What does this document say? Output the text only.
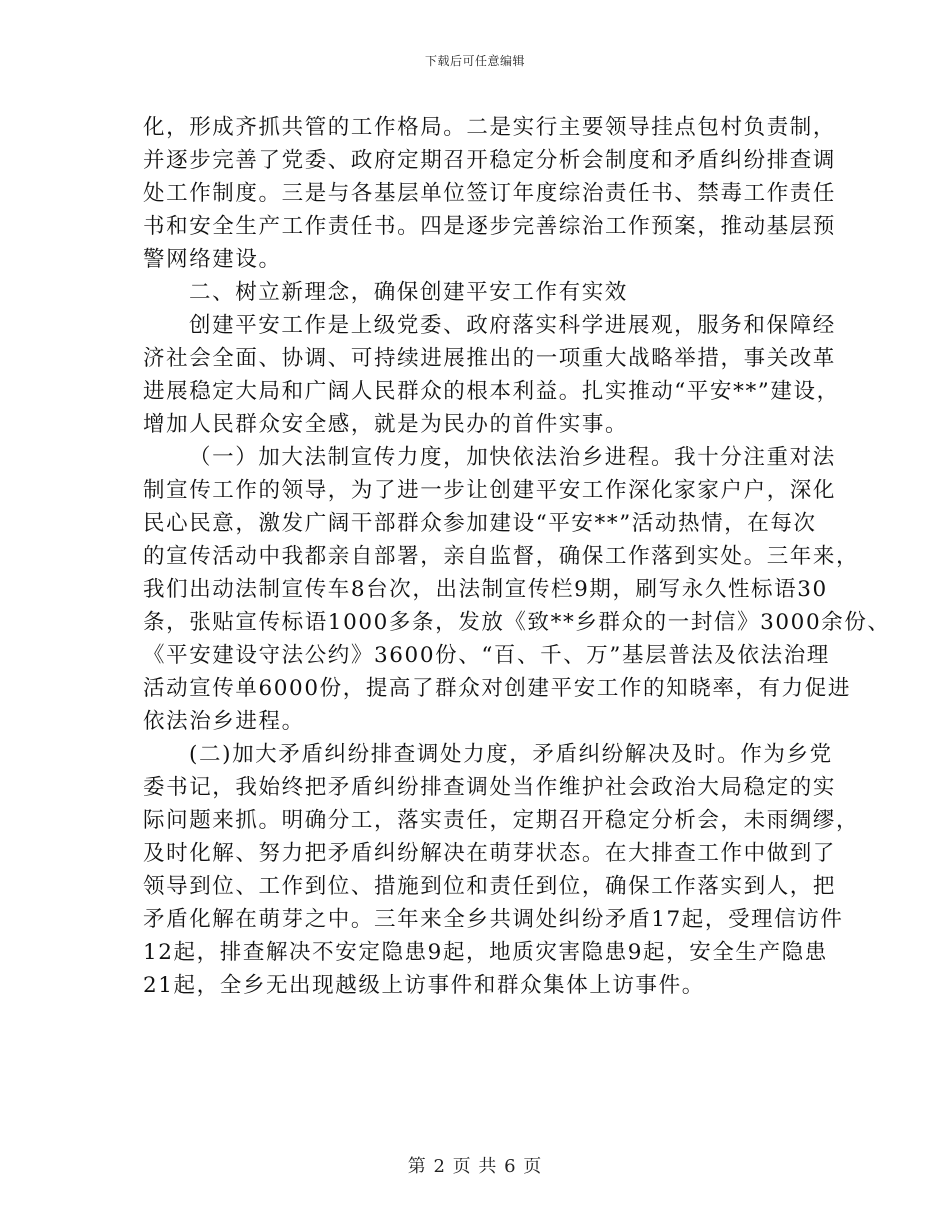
下载后可任意编辑
化，形成齐抓共管的工作格局。二是实行主要领导挂点包村负责制，
并逐步完善了党委、政府定期召开稳定分析会制度和矛盾纠纷排查调
处工作制度。三是与各基层单位签订年度综治责任书、禁毒工作责任
书和安全生产工作责任书。四是逐步完善综治工作预案，推动基层预
警网络建设。
二、树立新理念，确保创建平安工作有实效
创建平安工作是上级党委、政府落实科学进展观，服务和保障经
济社会全面、协调、可持续进展推出的一项重大战略举措，事关改革
进展稳定大局和广阔人民群众的根本利益。扎实推动“平安**”建设，
增加人民群众安全感，就是为民办的首件实事。
（一）加大法制宣传力度，加快依法治乡进程。我十分注重对法
制宣传工作的领导，为了进一步让创建平安工作深化家家户户，深化
民心民意，激发广阔干部群众参加建设“平安**”活动热情，在每次
的宣传活动中我都亲自部署，亲自监督，确保工作落到实处。三年来，
我们出动法制宣传车8台次，出法制宣传栏9期，刷写永久性标语30
条，张贴宣传标语1000多条，发放《致**乡群众的一封信》3000余份、
《平安建设守法公约》3600份、“百、千、万”基层普法及依法治理
活动宣传单6000份，提高了群众对创建平安工作的知晓率，有力促进
依法治乡进程。
(二)加大矛盾纠纷排查调处力度，矛盾纠纷解决及时。作为乡党
委书记，我始终把矛盾纠纷排查调处当作维护社会政治大局稳定的实
际问题来抓。明确分工，落实责任，定期召开稳定分析会，未雨绸缪，
及时化解、努力把矛盾纠纷解决在萌芽状态。在大排查工作中做到了
领导到位、工作到位、措施到位和责任到位，确保工作落实到人，把
矛盾化解在萌芽之中。三年来全乡共调处纠纷矛盾17起，受理信访件
12起，排查解决不安定隐患9起，地质灾害隐患9起，安全生产隐患
21起，全乡无出现越级上访事件和群众集体上访事件。
第 2 页 共 6 页
